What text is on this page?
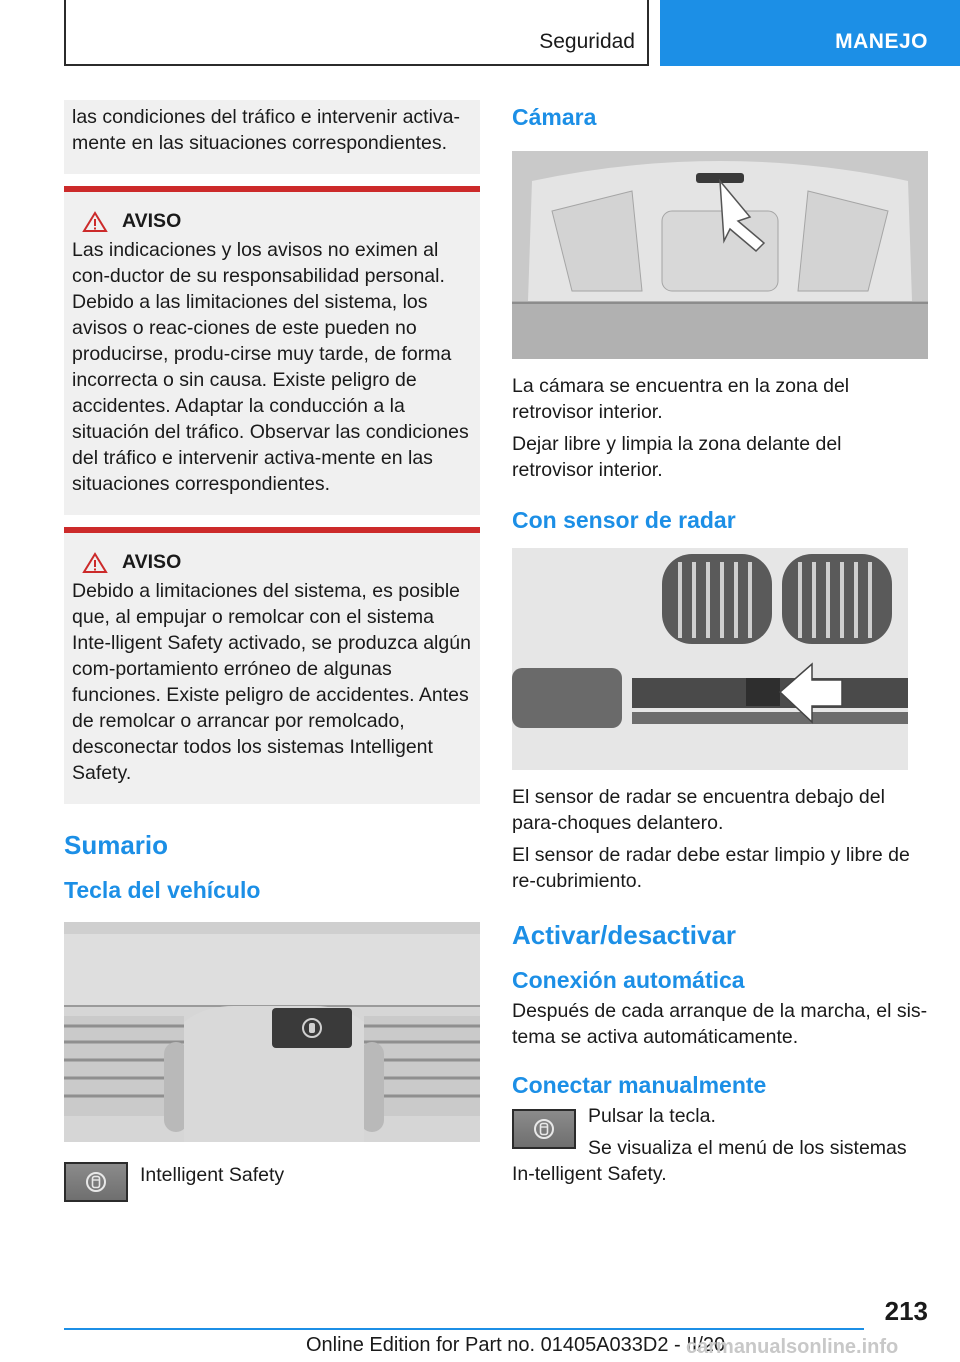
Seguridad	MANEJO

las condiciones del tráfico e intervenir activa-mente en las situaciones correspondientes.

AVISO

Las indicaciones y los avisos no eximen al con-ductor de su responsabilidad personal. Debido a las limitaciones del sistema, los avisos o reac-ciones de este pueden no producirse, produ-cirse muy tarde, de forma incorrecta o sin causa. Existe peligro de accidentes. Adaptar la conducción a la situación del tráfico. Observar las condiciones del tráfico e intervenir activa-mente en las situaciones correspondientes.

AVISO

Debido a limitaciones del sistema, es posible que, al empujar o remolcar con el sistema Inte-lligent Safety activado, se produzca algún com-portamiento erróneo de algunas funciones. Existe peligro de accidentes. Antes de remolcar o arrancar por remolcado, desconectar todos los sistemas Intelligent Safety.

Sumario
Tecla del vehículo
Intelligent Safety
Cámara

La cámara se encuentra en la zona del retrovisor interior.

Dejar libre y limpia la zona delante del retrovisor interior.

Con sensor de radar

El sensor de radar se encuentra debajo del para-choques delantero.

El sensor de radar debe estar limpio y libre de re-cubrimiento.

Activar/desactivar
Conexión automática

Después de cada arranque de la marcha, el sis-tema se activa automáticamente.

Conectar manualmente

Pulsar la tecla.

Se visualiza el menú de los sistemas In-telligent Safety.

213
Online Edition for Part no. 01405A033D2 - II/20
carmanualsonline.info
